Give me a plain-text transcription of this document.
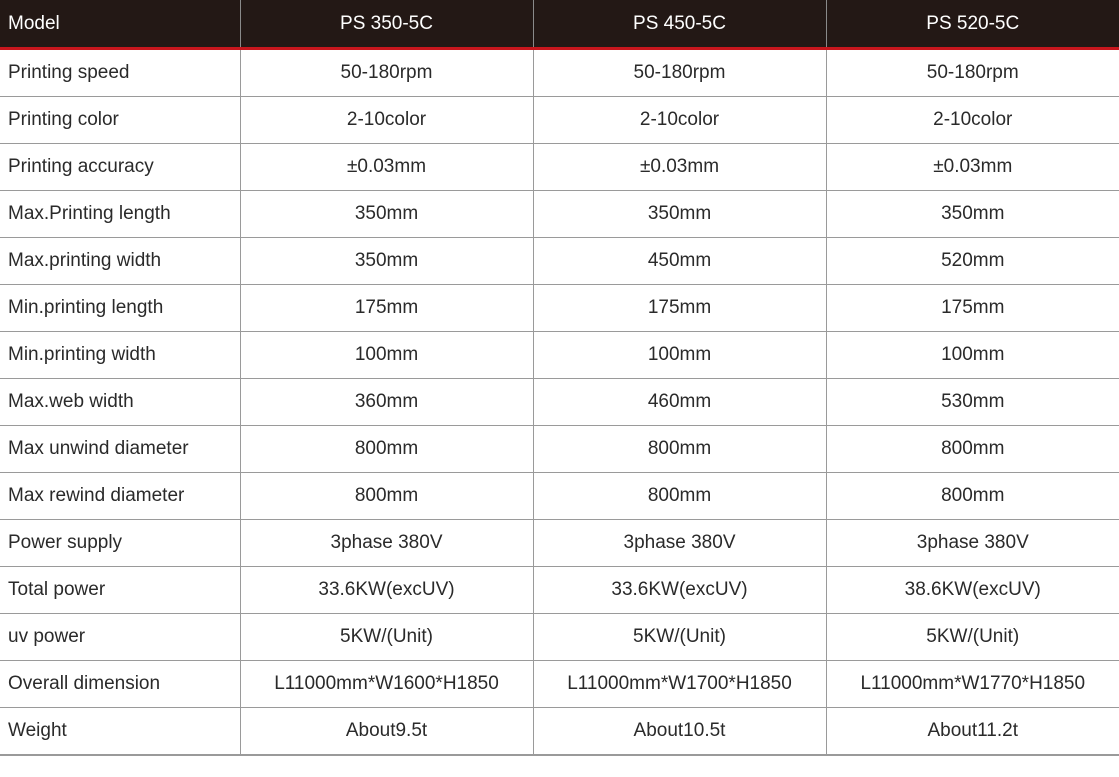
Model	PS 350-5C	PS 450-5C	PS 520-5C
Printing speed	50-180rpm	50-180rpm	50-180rpm
Printing color	2-10color	2-10color	2-10color
Printing accuracy	±0.03mm	±0.03mm	±0.03mm
Max.Printing length	350mm	350mm	350mm
Max.printing width	350mm	450mm	520mm
Min.printing length	175mm	175mm	175mm
Min.printing width	100mm	100mm	100mm
Max.web width	360mm	460mm	530mm
Max unwind diameter	800mm	800mm	800mm
Max rewind diameter	800mm	800mm	800mm
Power supply	3phase 380V	3phase 380V	3phase 380V
Total power	33.6KW(excUV)	33.6KW(excUV)	38.6KW(excUV)
uv power	5KW/(Unit)	5KW/(Unit)	5KW/(Unit)
Overall dimension	L11000mm*W1600*H1850	L11000mm*W1700*H1850	L11000mm*W1770*H1850
Weight	About9.5t	About10.5t	About11.2t
